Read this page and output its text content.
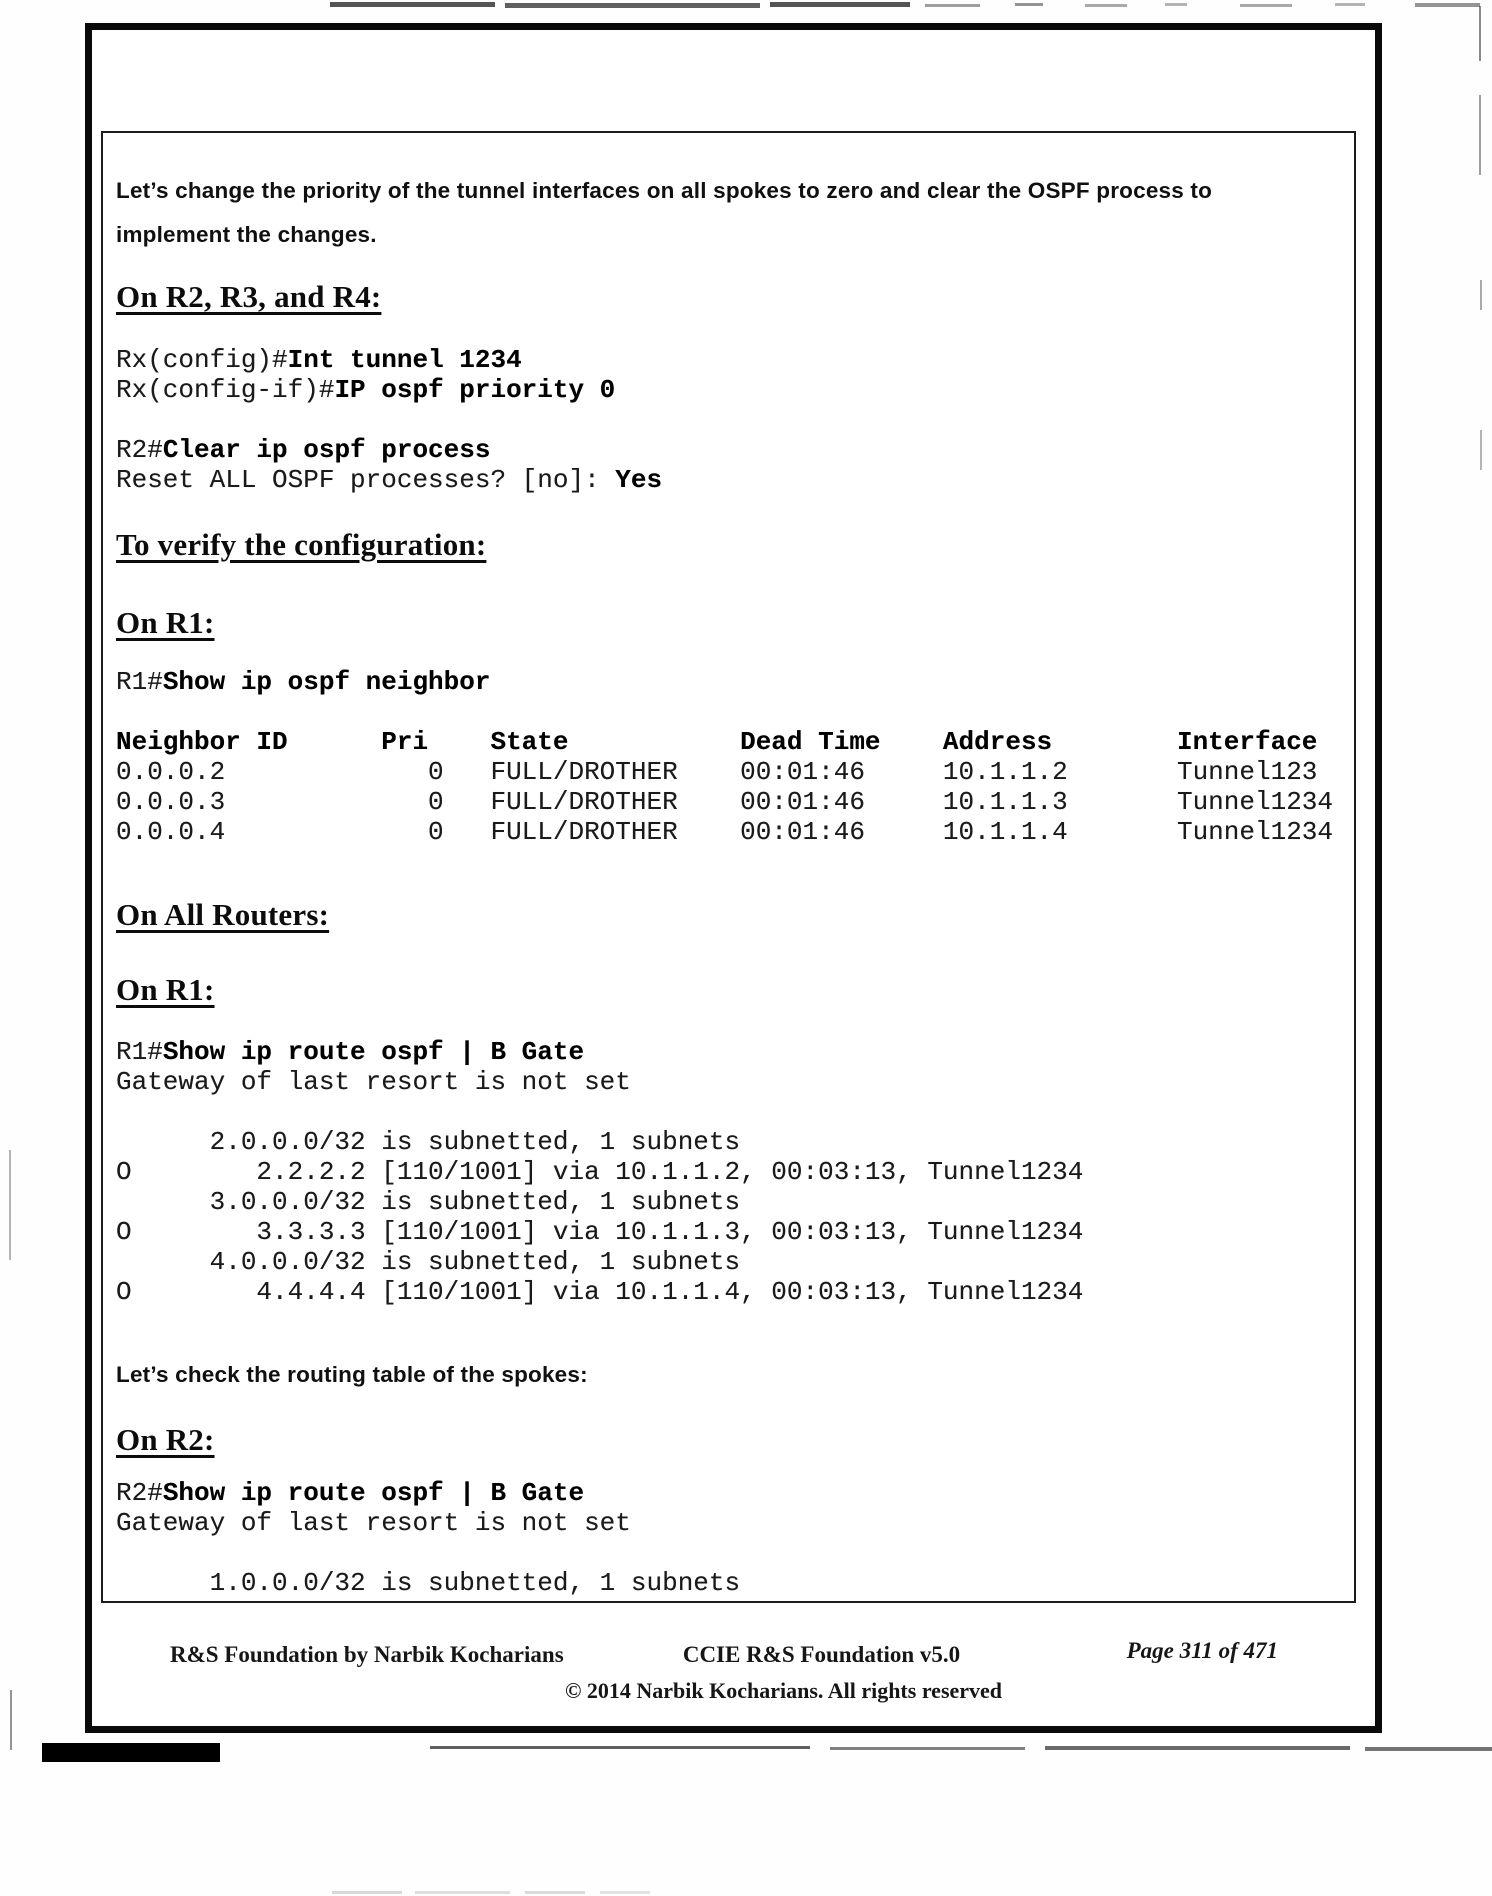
Let’s change the priority of the tunnel interfaces on all spokes to zero and clear the OSPF process to
implement the changes.
On R2, R3, and R4:
Rx(config)#Int tunnel 1234
Rx(config-if)#IP ospf priority 0

R2#Clear ip ospf process
Reset ALL OSPF processes? [no]: Yes
To verify the configuration:
On R1:
R1#Show ip ospf neighbor

Neighbor ID      Pri    State           Dead Time    Address        Interface
0.0.0.2             0   FULL/DROTHER    00:01:46     10.1.1.2       Tunnel123
0.0.0.3             0   FULL/DROTHER    00:01:46     10.1.1.3       Tunnel1234
0.0.0.4             0   FULL/DROTHER    00:01:46     10.1.1.4       Tunnel1234
On All Routers:
On R1:
R1#Show ip route ospf | B Gate
Gateway of last resort is not set

2.0.0.0/32 is subnetted, 1 subnets
O        2.2.2.2 [110/1001] via 10.1.1.2, 00:03:13, Tunnel1234
3.0.0.0/32 is subnetted, 1 subnets
O        3.3.3.3 [110/1001] via 10.1.1.3, 00:03:13, Tunnel1234
4.0.0.0/32 is subnetted, 1 subnets
O        4.4.4.4 [110/1001] via 10.1.1.4, 00:03:13, Tunnel1234
Let’s check the routing table of the spokes:
On R2:
R2#Show ip route ospf | B Gate
Gateway of last resort is not set

1.0.0.0/32 is subnetted, 1 subnets
R&S Foundation by Narbik Kocharians	CCIE R&S Foundation v5.0	Page 311 of 471
© 2014 Narbik Kocharians. All rights reserved
